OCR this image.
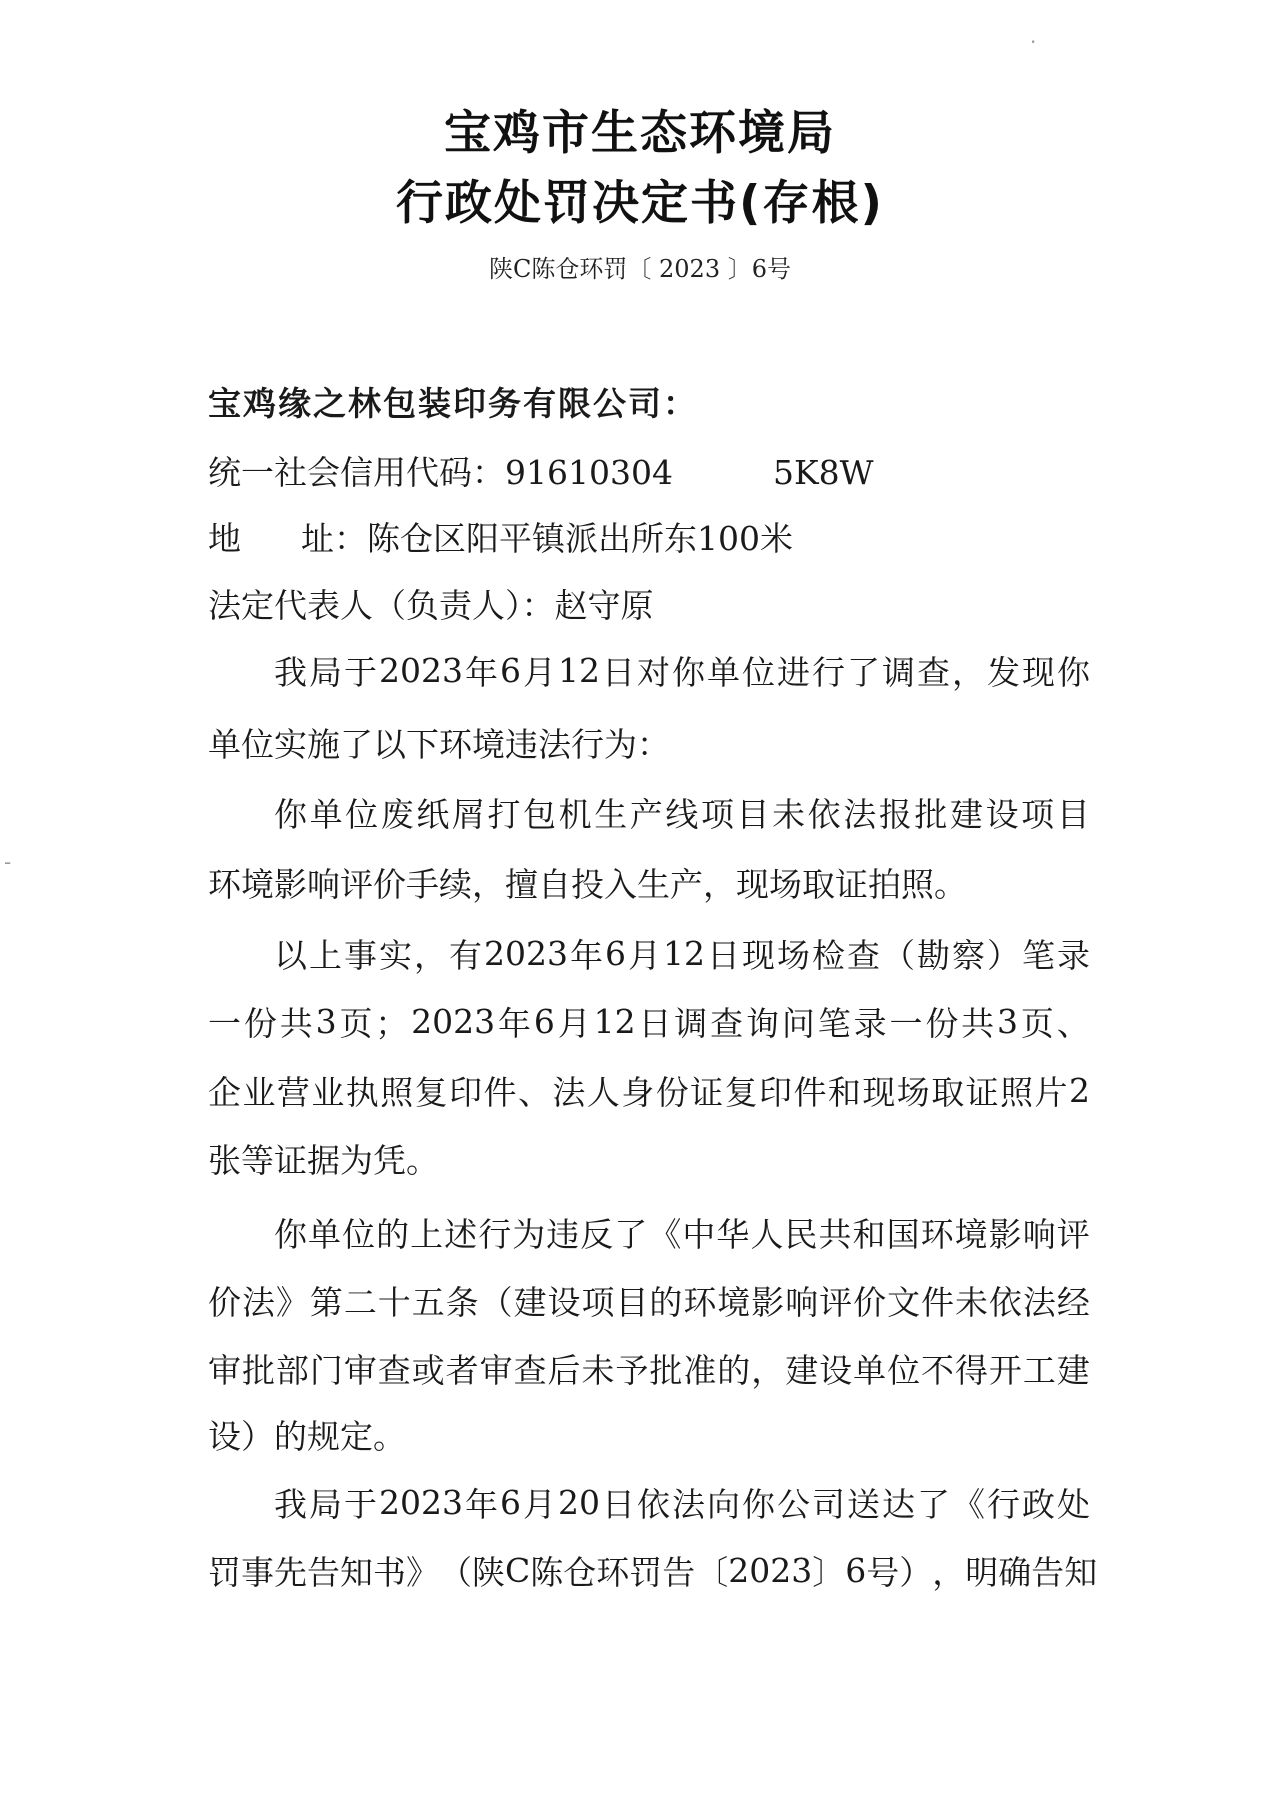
·
-
宝鸡市生态环境局
行政处罚决定书(存根)
陕C陈仓环罚〔 2023 〕6号
宝鸡缘之林包装印务有限公司：
统一社会信用代码：91610304	5K8W
地 址：陈仓区阳平镇派出所东100米
法定代表人（负责人）：赵守原
我 局 于 2023 年 6 月 12 日 对 你 单 位 进 行 了 调 查 ， 发 现 你
单位实施了以下环境违法行为：
你 单 位 废 纸 屑 打 包 机 生 产 线 项 目 未 依 法 报 批 建 设 项 目
环境影响评价手续，擅自投入生产，现场取证拍照。
以 上 事 实 ， 有 2023 年 6 月 12 日 现 场 检 查 （ 勘 察 ） 笔 录
一 份 共 3 页 ； 2023 年 6 月 12 日 调 查 询 问 笔 录 一 份 共 3 页 、
企 业 营 业 执 照 复 印 件 、 法 人 身 份 证 复 印 件 和 现 场 取 证 照 片 2
张等证据为凭。
你 单 位 的 上 述 行 为 违 反 了 《 中 华 人 民 共 和 国 环 境 影 响 评
价 法 》 第 二 十 五 条 （ 建 设 项 目 的 环 境 影 响 评 价 文 件 未 依 法 经
审 批 部 门 审 查 或 者 审 查 后 未 予 批 准 的 ， 建 设 单 位 不 得 开 工 建
设）的规定。
我 局 于 2023 年 6 月 20 日 依 法 向 你 公 司 送 达 了 《 行 政 处
罚 事 先 告 知 书 》 （ 陕 C 陈 仓 环 罚 告 〔 2023 〕 6 号 ） ， 明 确 告 知
